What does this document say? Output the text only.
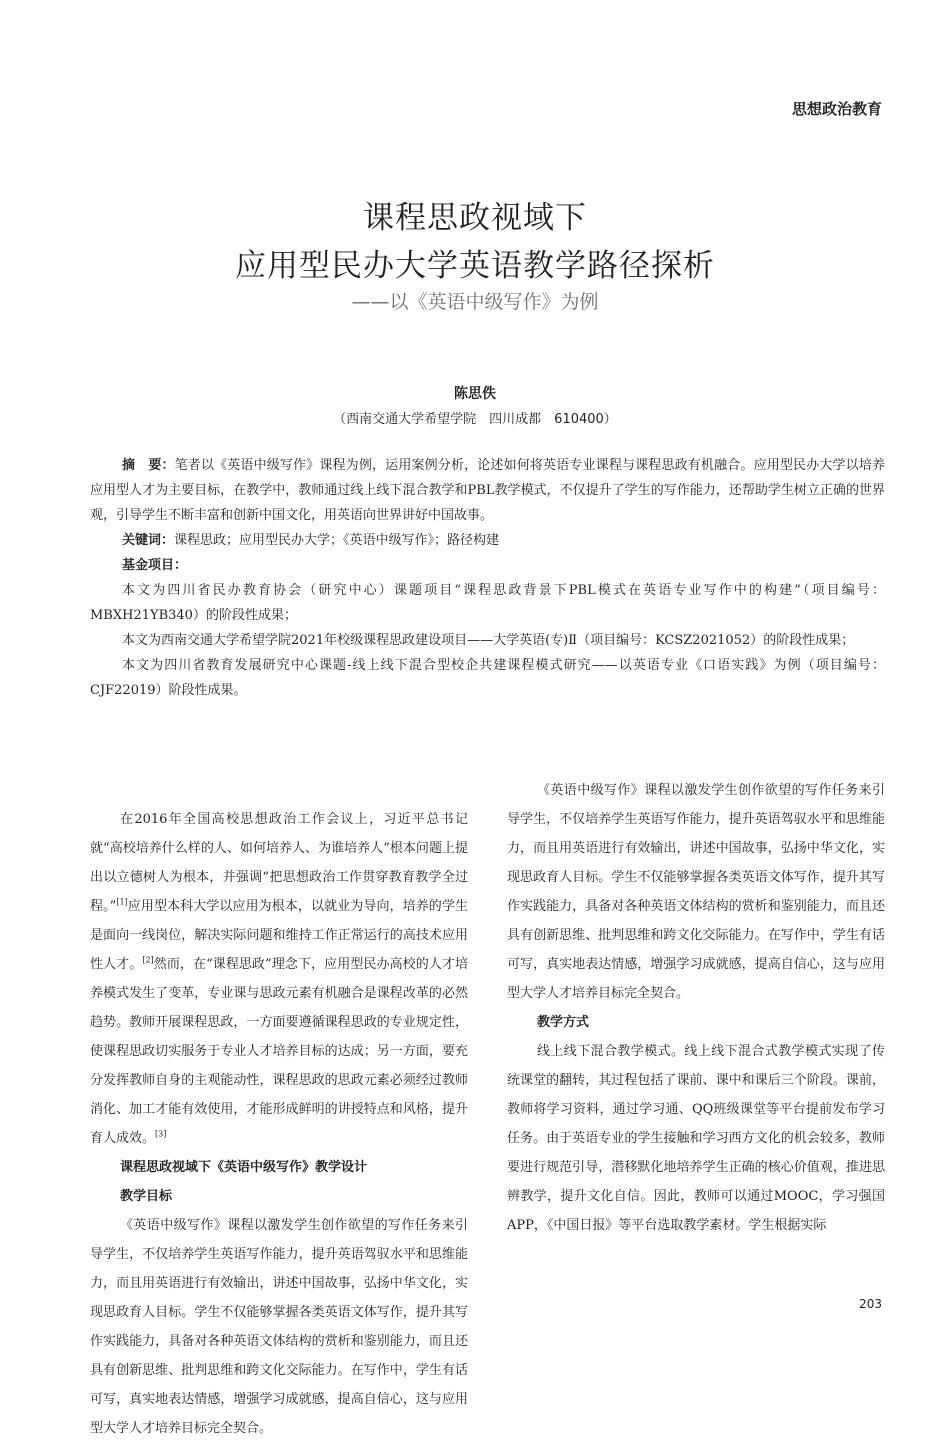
思想政治教育
课程思政视域下
应用型民办大学英语教学路径探析
——以《英语中级写作》为例
陈思佚
（西南交通大学希望学院　四川成都　610400）

摘　要：笔者以《英语中级写作》课程为例，运用案例分析，论述如何将英语专业课程与课程思政有机融合。应用型民办大学以培养应用型人才为主要目标，在教学中，教师通过线上线下混合教学和PBL教学模式，不仅提升了学生的写作能力，还帮助学生树立正确的世界观，引导学生不断丰富和创新中国文化，用英语向世界讲好中国故事。

关键词：课程思政；应用型民办大学；《英语中级写作》；路径构建

基金项目：

本文为四川省民办教育协会（研究中心）课题项目“课程思政背景下PBL模式在英语专业写作中的构建”（项目编号：MBXH21YB340）的阶段性成果；

本文为西南交通大学希望学院2021年校级课程思政建设项目——大学英语(专)Ⅱ（项目编号：KCSZ2021052）的阶段性成果；

本文为四川省教育发展研究中心课题-线上线下混合型校企共建课程模式研究——以英语专业《口语实践》为例（项目编号：CJF22019）阶段性成果。

在2016年全国高校思想政治工作会议上，习近平总书记就“高校培养什么样的人、如何培养人、为谁培养人”根本问题上提出以立德树人为根本，并强调“把思想政治工作贯穿教育教学全过程。”[1]应用型本科大学以应用为根本，以就业为导向，培养的学生是面向一线岗位，解决实际问题和维持工作正常运行的高技术应用性人才。[2]然而，在“课程思政”理念下，应用型民办高校的人才培养模式发生了变革，专业课与思政元素有机融合是课程改革的必然趋势。教师开展课程思政，一方面要遵循课程思政的专业规定性，使课程思政切实服务于专业人才培养目标的达成；另一方面，要充分发挥教师自身的主观能动性，课程思政的思政元素必须经过教师消化、加工才能有效使用，才能形成鲜明的讲授特点和风格，提升育人成效。[3]

课程思政视域下《英语中级写作》教学设计
教学目标

《英语中级写作》课程以激发学生创作欲望的写作任务来引导学生，不仅培养学生英语写作能力，提升英语驾驭水平和思维能力，而且用英语进行有效输出，讲述中国故事，弘扬中华文化，实现思政育人目标。学生不仅能够掌握各类英语文体写作，提升其写作实践能力，具备对各种英语文体结构的赏析和鉴别能力，而且还具有创新思维、批判思维和跨文化交际能力。在写作中，学生有话可写，真实地表达情感，增强学习成就感，提高自信心，这与应用型大学人才培养目标完全契合。

《英语中级写作》课程以激发学生创作欲望的写作任务来引导学生，不仅培养学生英语写作能力，提升英语驾驭水平和思维能力，而且用英语进行有效输出，讲述中国故事，弘扬中华文化，实现思政育人目标。学生不仅能够掌握各类英语文体写作，提升其写作实践能力，具备对各种英语文体结构的赏析和鉴别能力，而且还具有创新思维、批判思维和跨文化交际能力。在写作中，学生有话可写，真实地表达情感，增强学习成就感，提高自信心，这与应用型大学人才培养目标完全契合。

教学方式

线上线下混合教学模式。线上线下混合式教学模式实现了传统课堂的翻转，其过程包括了课前、课中和课后三个阶段。课前，教师将学习资料，通过学习通、QQ班级课堂等平台提前发布学习任务。由于英语专业的学生接触和学习西方文化的机会较多，教师要进行规范引导，潜移默化地培养学生正确的核心价值观，推进思辨教学，提升文化自信。因此，教师可以通过MOOC，学习强国APP，《中国日报》等平台选取教学素材。学生根据实际

203
